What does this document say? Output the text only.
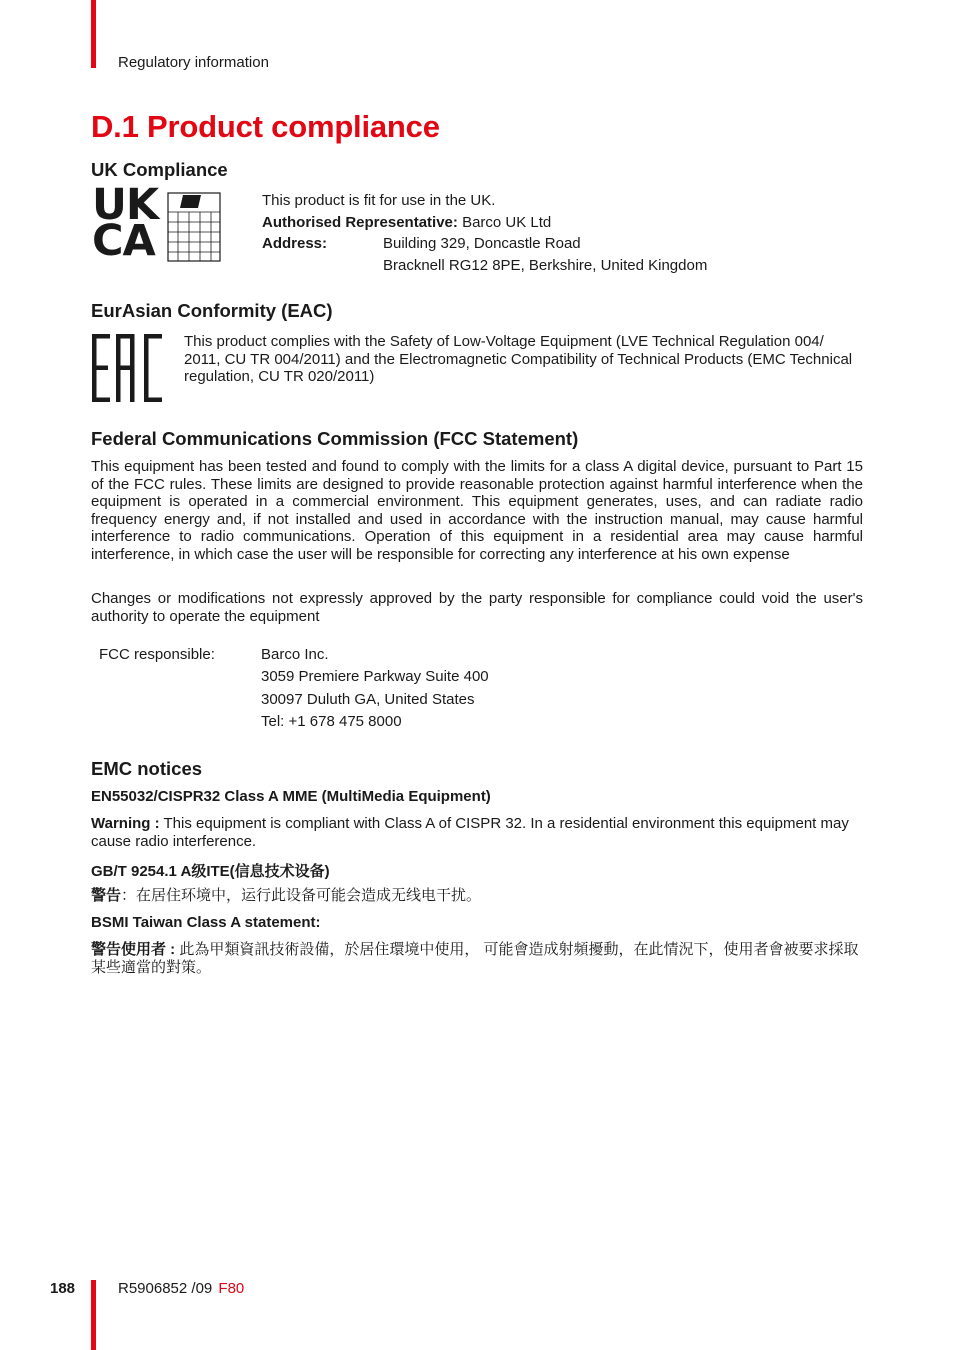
Regulatory information
D.1 Product compliance
UK Compliance
UK
CA
This product is fit for use in the UK.
Authorised Representative: Barco UK Ltd
Address:	Building 329, Doncastle Road
Bracknell RG12 8PE, Berkshire, United Kingdom
EurAsian Conformity (EAC)
This product complies with the Safety of Low-Voltage Equipment (LVE Technical Regulation 004/ 2011, CU TR 004/2011) and the Electromagnetic Compatibility of Technical Products (EMC Technical regulation, CU TR 020/2011)
Federal Communications Commission (FCC Statement)
This equipment has been tested and found to comply with the limits for a class A digital device, pursuant to Part 15 of the FCC rules. These limits are designed to provide reasonable protection against harmful interference when the equipment is operated in a commercial environment. This equipment generates, uses, and can radiate radio frequency energy and, if not installed and used in accordance with the instruction manual, may cause harmful interference to radio communications. Operation of this equipment in a residential area may cause harmful interference, in which case the user will be responsible for correcting any interference at his own expense
Changes or modifications not expressly approved by the party responsible for compliance could void the user's authority to operate the equipment
FCC responsible:	Barco Inc.
3059 Premiere Parkway Suite 400
30097 Duluth GA, United States
Tel: +1 678 475 8000
EMC notices
EN55032/CISPR32 Class A MME (MultiMedia Equipment)
Warning : This equipment is compliant with Class A of CISPR 32. In a residential environment this equipment may cause radio interference.
GB/T 9254.1 A级ITE(信息技术设备)
警告：在居住环境中，运行此设备可能会造成无线电干扰。
BSMI Taiwan Class A statement:
警告使用者 : 此為甲類資訊技術設備，於居住環境中使用， 可能會造成射頻擾動，在此情況下，使用者會被要求採取某些適當的對策。
188	R5906852 /09 F80
